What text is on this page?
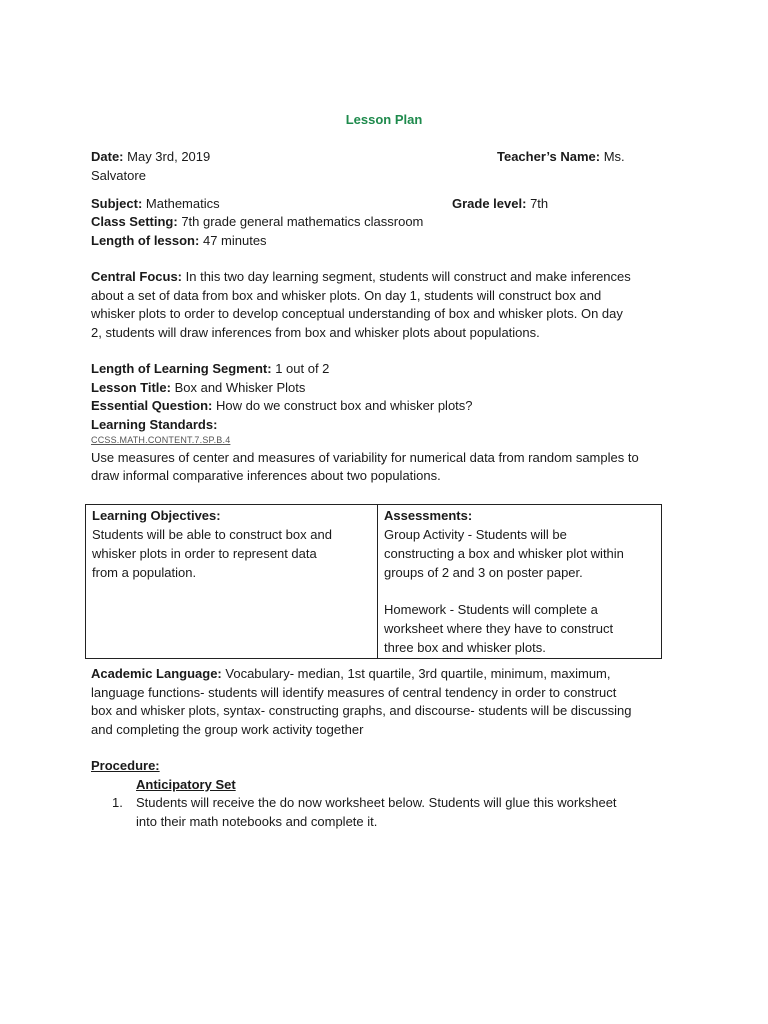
Lesson Plan
Date: May 3rd, 2019	Teacher’s Name: Ms.
Salvatore
Subject: Mathematics	Grade level: 7th
Class Setting: 7th grade general mathematics classroom
Length of lesson: 47 minutes
Central Focus: In this two day learning segment, students will construct and make inferences
about a set of data from box and whisker plots. On day 1, students will construct box and
whisker plots to order to develop conceptual understanding of box and whisker plots. On day
2, students will draw inferences from box and whisker plots about populations.
Length of Learning Segment: 1 out of 2
Lesson Title: Box and Whisker Plots
Essential Question: How do we construct box and whisker plots?
Learning Standards:
CCSS.MATH.CONTENT.7.SP.B.4
Use measures of center and measures of variability for numerical data from random samples to
draw informal comparative inferences about two populations.
Learning Objectives:
Students will be able to construct box and
whisker plots in order to represent data
from a population.

Assessments:
Group Activity - Students will be
constructing a box and whisker plot within
groups of 2 and 3 on poster paper.
Homework - Students will complete a
worksheet where they have to construct
three box and whisker plots.
Academic Language: Vocabulary- median, 1st quartile, 3rd quartile, minimum, maximum,
language functions- students will identify measures of central tendency in order to construct
box and whisker plots, syntax- constructing graphs, and discourse- students will be discussing
and completing the group work activity together
Procedure:
Anticipatory Set
1. Students will receive the do now worksheet below. Students will glue this worksheet
into their math notebooks and complete it.
